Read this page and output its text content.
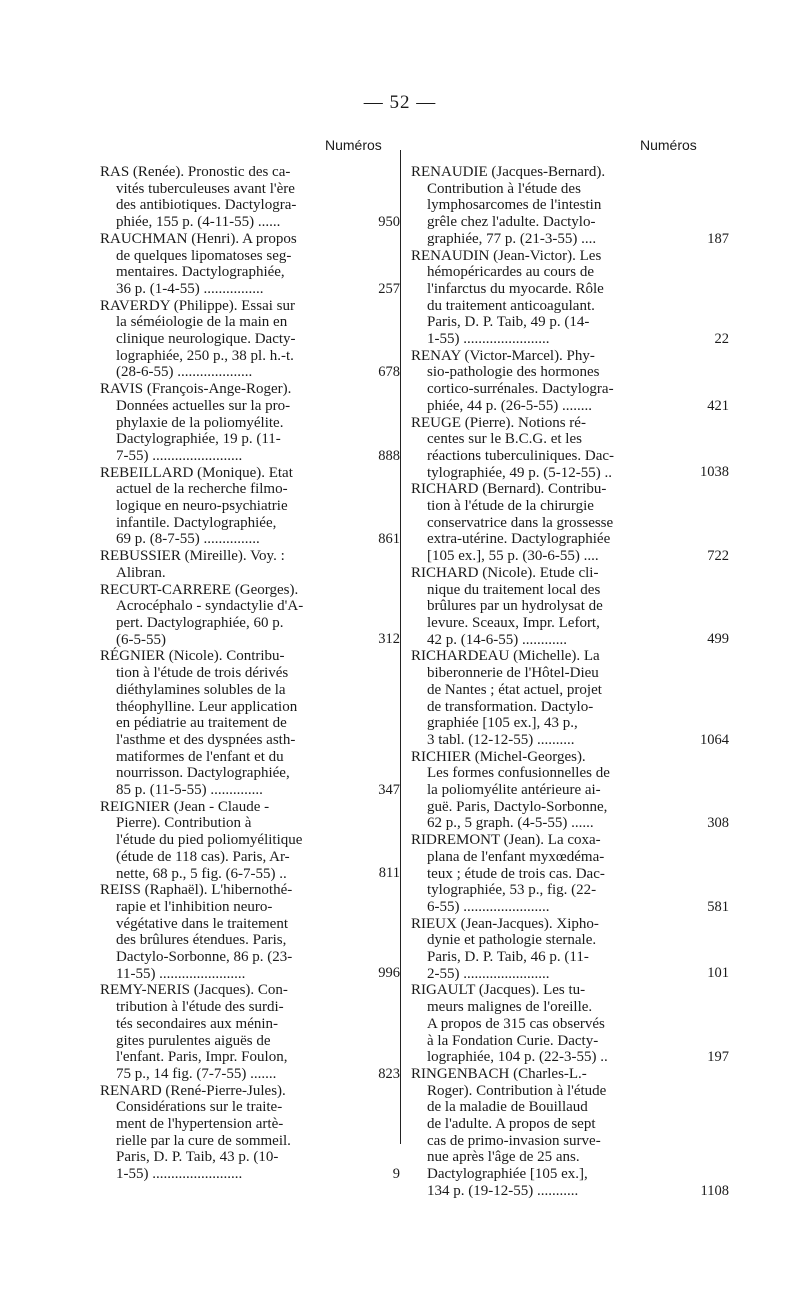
— 52 —
Numéros	Numéros
RAS (Renée). Pronostic des ca-
vités tuberculeuses avant l'ère
des antibiotiques. Dactylogra-
phiée, 155 p. (4-11-55) ......	950
RAUCHMAN (Henri). A propos
de quelques lipomatoses seg-
mentaires. Dactylographiée,
36 p. (1-4-55) ................	257
RAVERDY (Philippe). Essai sur
la séméiologie de la main en
clinique neurologique. Dacty-
lographiée, 250 p., 38 pl. h.-t.
(28-6-55) ....................	678
RAVIS (François-Ange-Roger).
Données actuelles sur la pro-
phylaxie de la poliomyélite.
Dactylographiée, 19 p. (11-
7-55) ........................	888
REBEILLARD (Monique). Etat
actuel de la recherche filmo-
logique en neuro-psychiatrie
infantile. Dactylographiée,
69 p. (8-7-55) ...............	861
REBUSSIER (Mireille). Voy. :
Alibran.
RECURT-CARRERE (Georges).
Acrocéphalo - syndactylie d'A-
pert. Dactylographiée, 60 p.
(6-5-55)	312
RÉGNIER (Nicole). Contribu-
tion à l'étude de trois dérivés
diéthylamines solubles de la
théophylline. Leur application
en pédiatrie au traitement de
l'asthme et des dyspnées asth-
matiformes de l'enfant et du
nourrisson. Dactylographiée,
85 p. (11-5-55) ..............	347
REIGNIER (Jean - Claude -
Pierre). Contribution à
l'étude du pied poliomyélitique
(étude de 118 cas). Paris, Ar-
nette, 68 p., 5 fig. (6-7-55) ..	811
REISS (Raphaël). L'hibernothé-
rapie et l'inhibition neuro-
végétative dans le traitement
des brûlures étendues. Paris,
Dactylo-Sorbonne, 86 p. (23-
11-55) .......................	996
REMY-NERIS (Jacques). Con-
tribution à l'étude des surdi-
tés secondaires aux ménin-
gites purulentes aiguës de
l'enfant. Paris, Impr. Foulon,
75 p., 14 fig. (7-7-55) .......	823
RENARD (René-Pierre-Jules).
Considérations sur le traite-
ment de l'hypertension artè-
rielle par la cure de sommeil.
Paris, D. P. Taib, 43 p. (10-
1-55) ........................	9
RENAUDIE (Jacques-Bernard).
Contribution à l'étude des
lymphosarcomes de l'intestin
grêle chez l'adulte. Dactylo-
graphiée, 77 p. (21-3-55) ....	187
RENAUDIN (Jean-Victor). Les
hémopéricardes au cours de
l'infarctus du myocarde. Rôle
du traitement anticoagulant.
Paris, D. P. Taib, 49 p. (14-
1-55) .......................	22
RENAY (Victor-Marcel). Phy-
sio-pathologie des hormones
cortico-surrénales. Dactylogra-
phiée, 44 p. (26-5-55) ........	421
REUGE (Pierre). Notions ré-
centes sur le B.C.G. et les
réactions tuberculiniques. Dac-
tylographiée, 49 p. (5-12-55) ..	1038
RICHARD (Bernard). Contribu-
tion à l'étude de la chirurgie
conservatrice dans la grossesse
extra-utérine. Dactylographiée
[105 ex.], 55 p. (30-6-55) ....	722
RICHARD (Nicole). Etude cli-
nique du traitement local des
brûlures par un hydrolysat de
levure. Sceaux, Impr. Lefort,
42 p. (14-6-55) ............	499
RICHARDEAU (Michelle). La
biberonnerie de l'Hôtel-Dieu
de Nantes ; état actuel, projet
de transformation. Dactylo-
graphiée [105 ex.], 43 p.,
3 tabl. (12-12-55) ..........	1064
RICHIER (Michel-Georges).
Les formes confusionnelles de
la poliomyélite antérieure ai-
guë. Paris, Dactylo-Sorbonne,
62 p., 5 graph. (4-5-55) ......	308
RIDREMONT (Jean). La coxa-
plana de l'enfant myxœdéma-
teux ; étude de trois cas. Dac-
tylographiée, 53 p., fig. (22-
6-55) .......................	581
RIEUX (Jean-Jacques). Xipho-
dynie et pathologie sternale.
Paris, D. P. Taib, 46 p. (11-
2-55) .......................	101
RIGAULT (Jacques). Les tu-
meurs malignes de l'oreille.
A propos de 315 cas observés
à la Fondation Curie. Dacty-
lographiée, 104 p. (22-3-55) ..	197
RINGENBACH (Charles-L.-
Roger). Contribution à l'étude
de la maladie de Bouillaud
de l'adulte. A propos de sept
cas de primo-invasion surve-
nue après l'âge de 25 ans.
Dactylographiée [105 ex.],
134 p. (19-12-55) ...........	1108
